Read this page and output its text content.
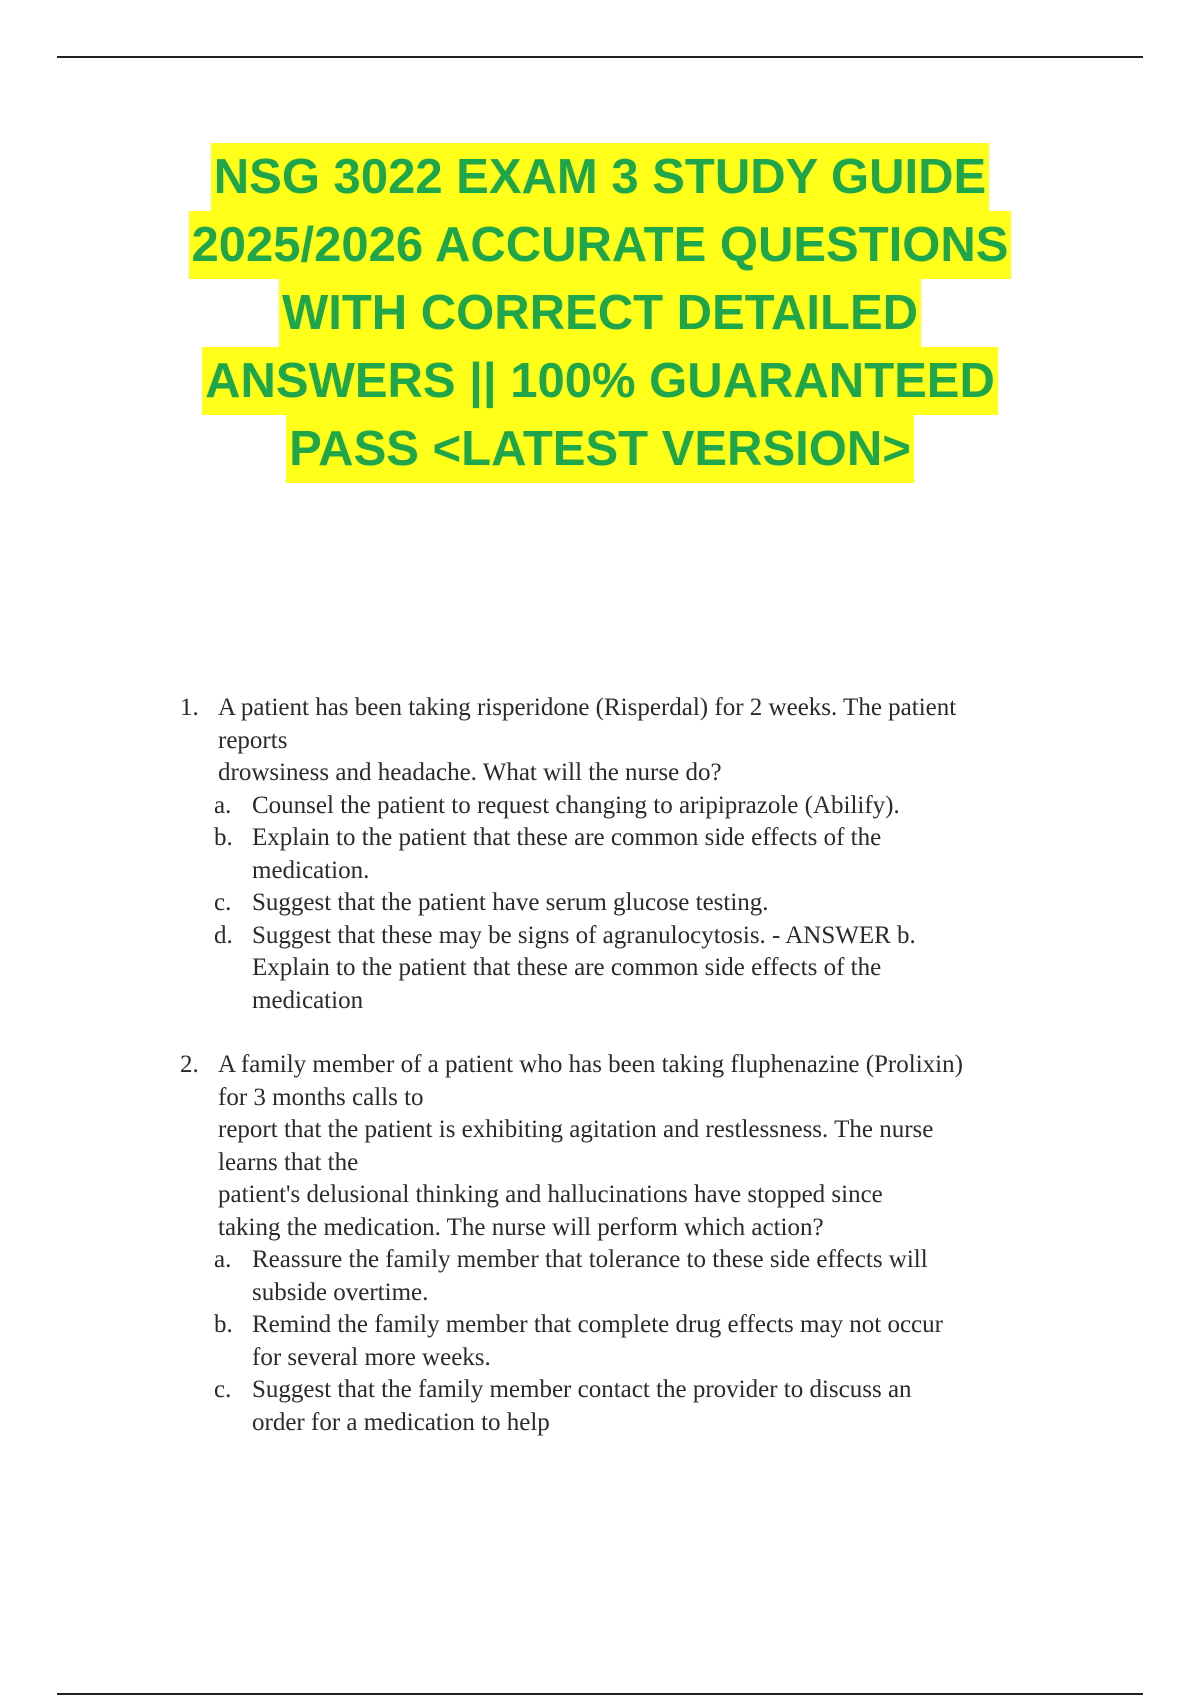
NSG 3022 EXAM 3 STUDY GUIDE
2025/2026 ACCURATE QUESTIONS
WITH CORRECT DETAILED
ANSWERS || 100% GUARANTEED
PASS <LATEST VERSION>
1. A patient has been taking risperidone (Risperdal) for 2 weeks. The patient
reports
drowsiness and headache. What will the nurse do?
a. Counsel the patient to request changing to aripiprazole (Abilify).
b. Explain to the patient that these are common side effects of the
medication.
c. Suggest that the patient have serum glucose testing.
d. Suggest that these may be signs of agranulocytosis. - ANSWER b.
Explain to the patient that these are common side effects of the
medication
2. A family member of a patient who has been taking fluphenazine (Prolixin)
for 3 months calls to
report that the patient is exhibiting agitation and restlessness. The nurse
learns that the
patient's delusional thinking and hallucinations have stopped since
taking the medication. The nurse will perform which action?
a. Reassure the family member that tolerance to these side effects will
subside overtime.
b. Remind the family member that complete drug effects may not occur
for several more weeks.
c. Suggest that the family member contact the provider to discuss an
order for a medication to help
